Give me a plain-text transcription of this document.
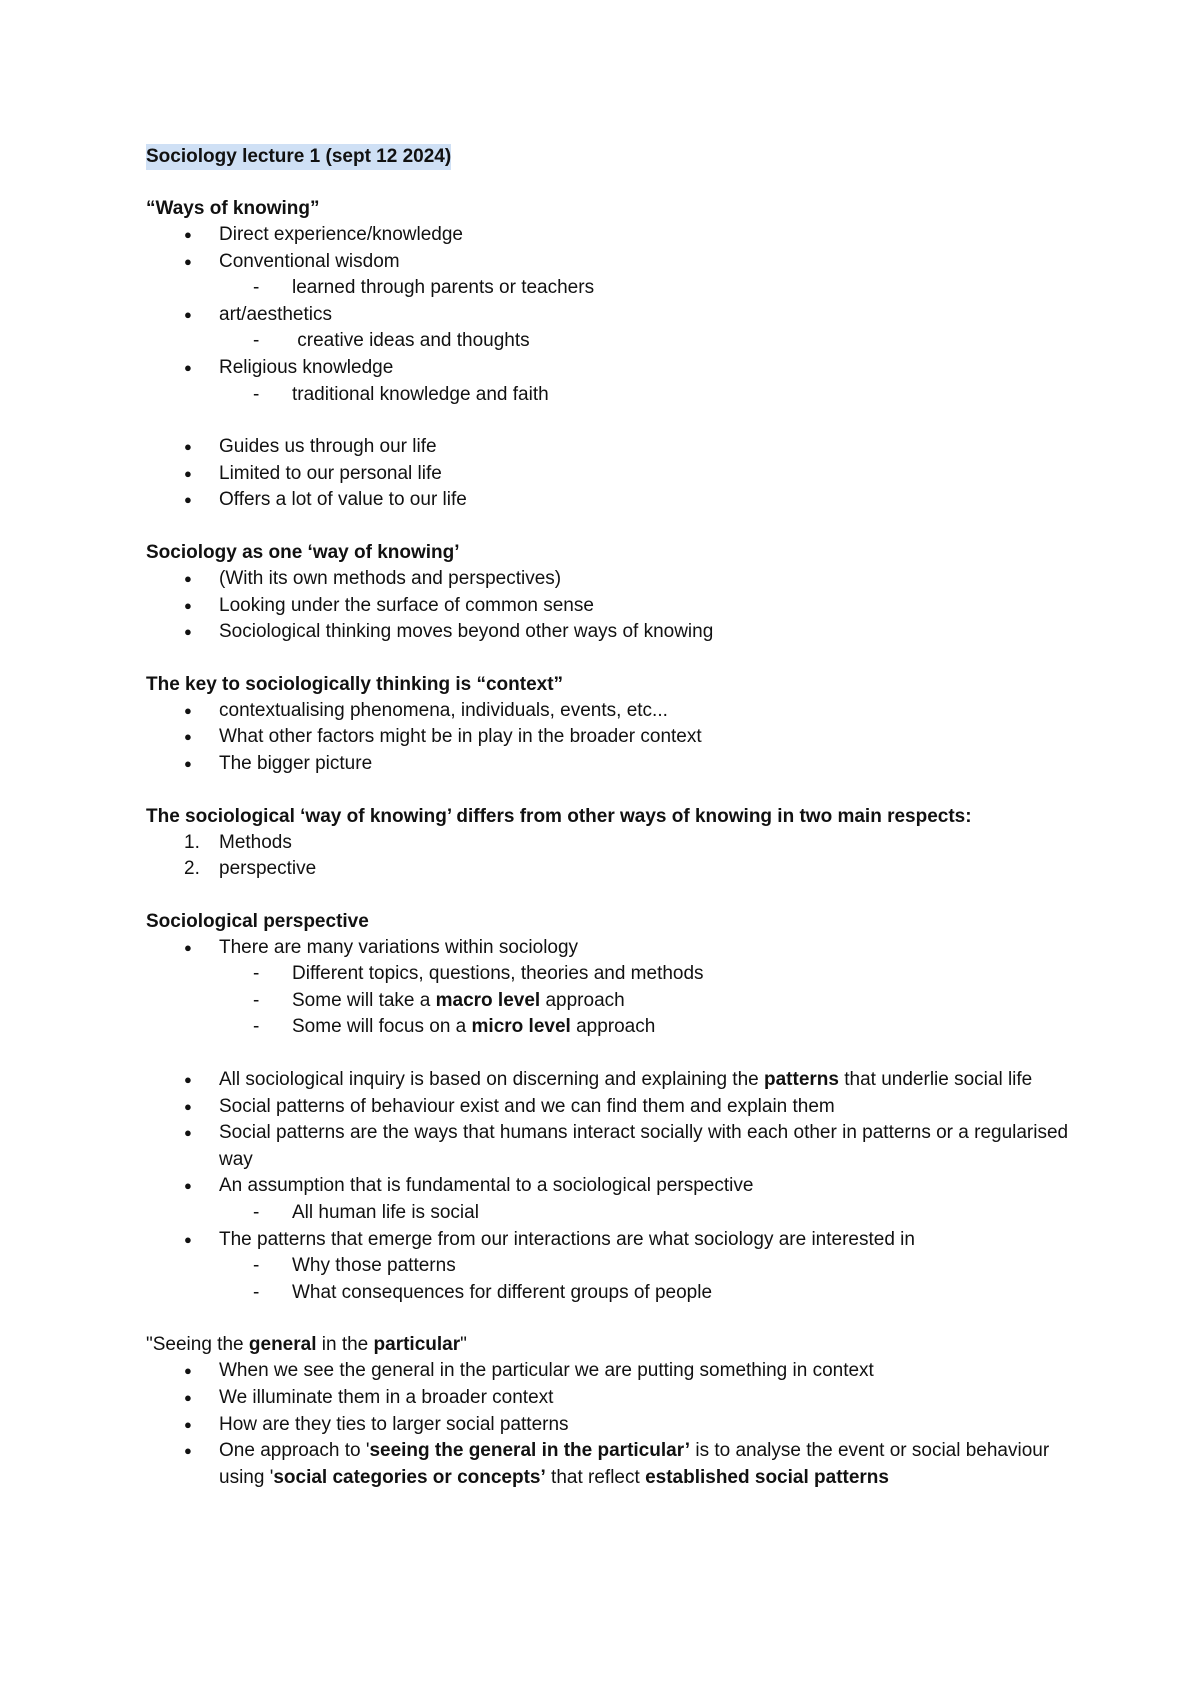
Sociology lecture 1 (sept 12 2024)
“Ways of knowing”
● Direct experience/knowledge
● Conventional wisdom
- learned through parents or teachers
● art/aesthetics
- creative ideas and thoughts
● Religious knowledge
- traditional knowledge and faith
● Guides us through our life
● Limited to our personal life
● Offers a lot of value to our life
Sociology as one ‘way of knowing’
● (With its own methods and perspectives)
● Looking under the surface of common sense
● Sociological thinking moves beyond other ways of knowing
The key to sociologically thinking is “context”
● contextualising phenomena, individuals, events, etc...
● What other factors might be in play in the broader context
● The bigger picture
The sociological ‘way of knowing’ differs from other ways of knowing in two main respects:
1. Methods
2. perspective
Sociological perspective
● There are many variations within sociology
- Different topics, questions, theories and methods
- Some will take a macro level approach
- Some will focus on a micro level approach
● All sociological inquiry is based on discerning and explaining the patterns that underlie social life
● Social patterns of behaviour exist and we can find them and explain them
● Social patterns are the ways that humans interact socially with each other in patterns or a regularised way
● An assumption that is fundamental to a sociological perspective
- All human life is social
● The patterns that emerge from our interactions are what sociology are interested in
- Why those patterns
- What consequences for different groups of people
"Seeing the general in the particular"
● When we see the general in the particular we are putting something in context
● We illuminate them in a broader context
● How are they ties to larger social patterns
● One approach to 'seeing the general in the particular’ is to analyse the event or social behaviour using 'social categories or concepts’ that reflect established social patterns
